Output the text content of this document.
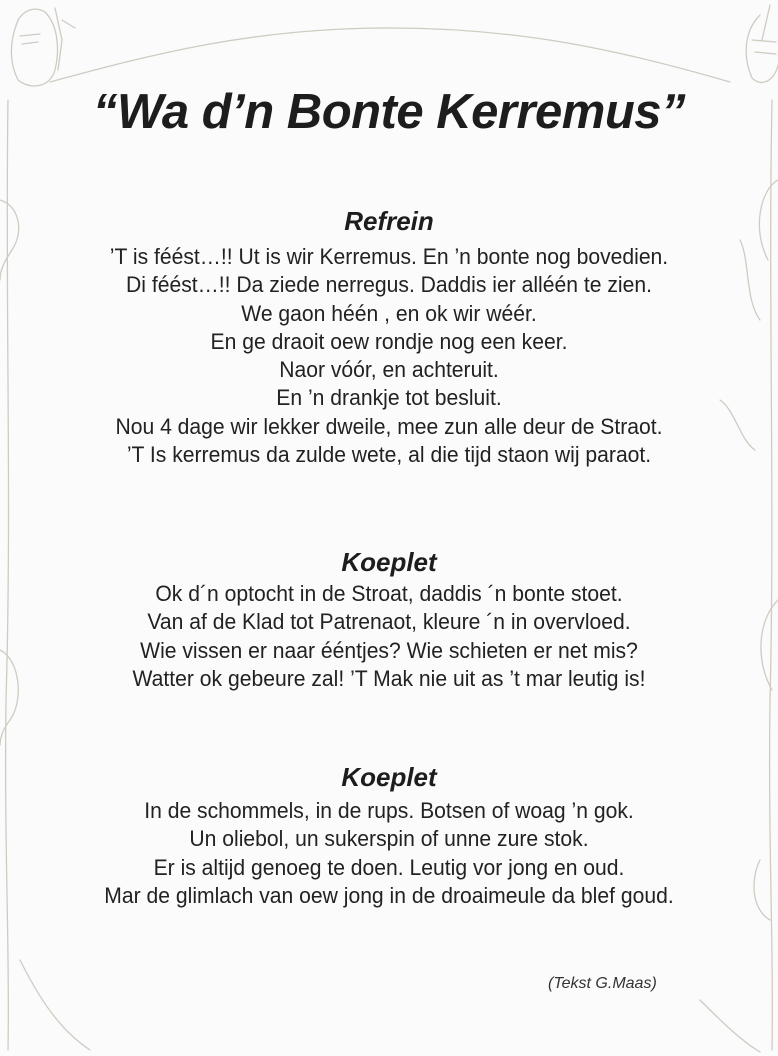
“Wa d’n Bonte Kerremus”
Refrein
’T is féést…!! Ut is wir Kerremus. En ’n bonte nog bovedien.
Di féést…!! Da ziede nerregus. Daddis ier alléén te zien.
We gaon héén , en ok wir wéér.
En ge draoit oew rondje nog een keer.
Naor vóór, en achteruit.
En ’n drankje tot besluit.
Nou 4 dage wir lekker dweile, mee zun alle deur de Straot.
’T Is kerremus da zulde wete, al die tijd staon wij paraot.
Koeplet
Ok d´n optocht in de Stroat, daddis ´n bonte stoet.
Van af de Klad tot Patrenaot, kleure ´n in overvloed.
Wie vissen er naar ééntjes? Wie schieten er net mis?
Watter ok gebeure zal! ’T Mak nie uit as ’t mar leutig is!
Koeplet
In de schommels, in de rups. Botsen of woag ’n gok.
Un oliebol, un sukerspin of unne zure stok.
Er is altijd genoeg te doen. Leutig vor jong en oud.
Mar de glimlach van oew jong in de droaimeule da blef goud.
(Tekst G.Maas)
